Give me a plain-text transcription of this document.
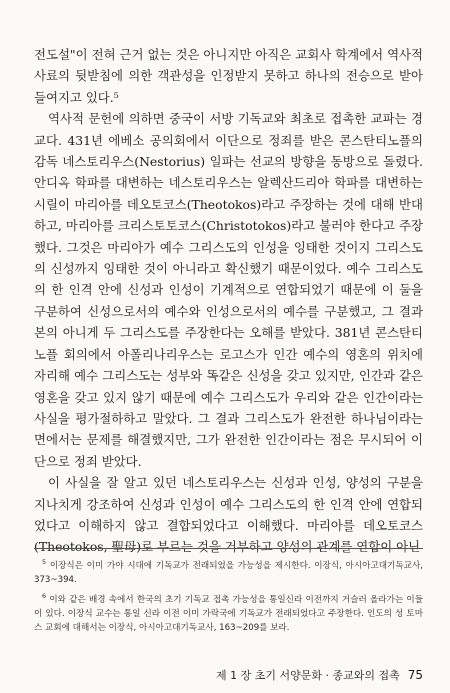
전도설"이 전혀 근거 없는 것은 아니지만 아직은 교회사 학계에서 역사적 사료의 뒷받침에 의한 객관성을 인정받지 못하고 하나의 전승으로 받아들여지고 있다.⁵

역사적 문헌에 의하면 중국이 서방 기독교와 최초로 접촉한 교파는 경교다. 431년 에베소 공의회에서 이단으로 정죄를 받은 콘스탄티노플의 감독 네스토리우스(Nestorius) 일파는 선교의 방향을 동방으로 돌렸다. 안디옥 학파를 대변하는 네스토리우스는 알렉산드리아 학파를 대변하는 시릴이 마리아를 데오토코스(Theotokos)라고 주장하는 것에 대해 반대하고, 마리아를 크리스토토코스(Christotokos)라고 불러야 한다고 주장했다. 그것은 마리아가 예수 그리스도의 인성을 잉태한 것이지 그리스도의 신성까지 잉태한 것이 아니라고 확신했기 때문이었다. 예수 그리스도의 한 인격 안에 신성과 인성이 기계적으로 연합되었기 때문에 이 둘을 구분하여 신성으로서의 예수와 인성으로서의 예수를 구분했고, 그 결과 본의 아니게 두 그리스도를 주장한다는 오해를 받았다. 381년 콘스탄티노플 회의에서 아폴리나리우스는 로고스가 인간 예수의 영혼의 위치에 자리해 예수 그리스도는 성부와 똑같은 신성을 갖고 있지만, 인간과 같은 영혼을 갖고 있지 않기 때문에 예수 그리스도가 우리와 같은 인간이라는 사실을 평가절하하고 말았다. 그 결과 그리스도가 완전한 하나님이라는 면에서는 문제를 해결했지만, 그가 완전한 인간이라는 점은 무시되어 이단으로 정죄 받았다.

이 사실을 잘 알고 있던 네스토리우스는 신성과 인성, 양성의 구분을 지나치게 강조하여 신성과 인성이 예수 그리스도의 한 인격 안에 연합되었다고 이해하지 않고 결합되었다고 이해했다. 마리아를 데오토코스(Theotokos, 聖母)로 부르는 것을 거부하고 양성의 관계를 연합이 아닌

$^5$ 이장식은 이미 가야 시대에 기독교가 전래되었을 가능성을 제시한다. 이장식, 아시아고대기독교사, 373~394.

$^6$ 이와 같은 배경 속에서 한국의 초기 기독교 접촉 가능성을 통일신라 이전까지 거슬러 올라가는 이들이 있다. 이장식 교수는 통일 신라 이전 이미 가락국에 기독교가 전래되었다고 주장한다. 인도의 성 토마스 교회에 대해서는 이장식, 아시아고대기독교사, 163~209를 보라.

제 1 장 초기 서양문화 · 종교와의 접촉 75
